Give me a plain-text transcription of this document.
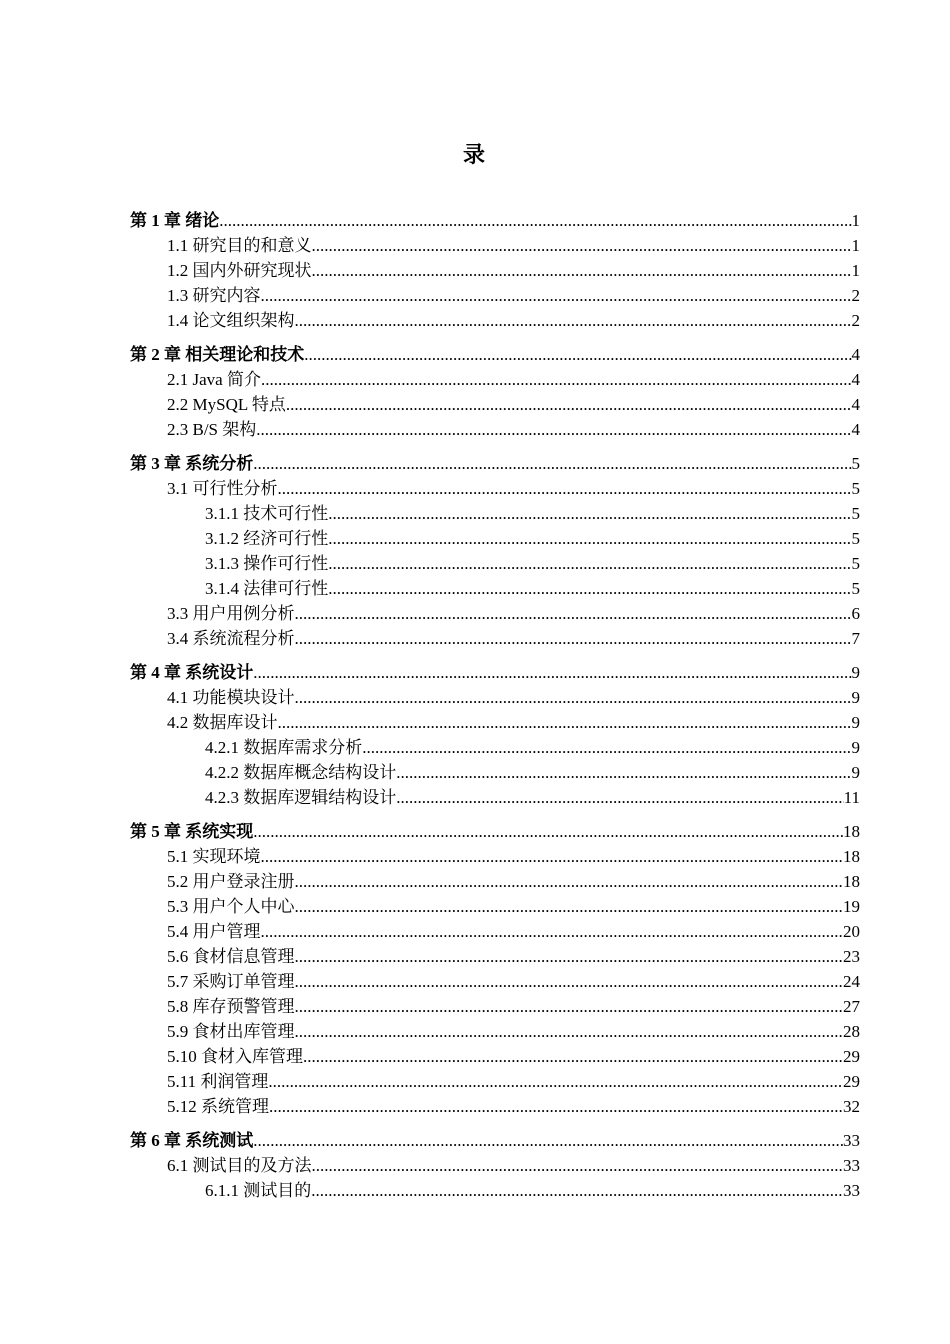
录
第 1 章 绪论 .....	1
1.1 研究目的和意义 .....	1
1.2 国内外研究现状 .....	1
1.3 研究内容 .....	2
1.4 论文组织架构 .....	2
第 2 章 相关理论和技术 .....	4
2.1 Java 简介 .....	4
2.2 MySQL 特点 .....	4
2.3 B/S 架构 .....	4
第 3 章 系统分析 .....	5
3.1 可行性分析 .....	5
3.1.1 技术可行性 .....	5
3.1.2 经济可行性 .....	5
3.1.3 操作可行性 .....	5
3.1.4 法律可行性 .....	5
3.3 用户用例分析 .....	6
3.4 系统流程分析 .....	7
第 4 章 系统设计 .....	9
4.1 功能模块设计 .....	9
4.2 数据库设计 .....	9
4.2.1 数据库需求分析 .....	9
4.2.2 数据库概念结构设计 .....	9
4.2.3 数据库逻辑结构设计 .....	11
第 5 章 系统实现 .....	18
5.1 实现环境 .....	18
5.2 用户登录注册 .....	18
5.3 用户个人中心 .....	19
5.4 用户管理 .....	20
5.6 食材信息管理 .....	23
5.7 采购订单管理 .....	24
5.8 库存预警管理 .....	27
5.9 食材出库管理 .....	28
5.10 食材入库管理 .....	29
5.11 利润管理 .....	29
5.12 系统管理 .....	32
第 6 章 系统测试 .....	33
6.1 测试目的及方法 .....	33
6.1.1 测试目的 .....	33
